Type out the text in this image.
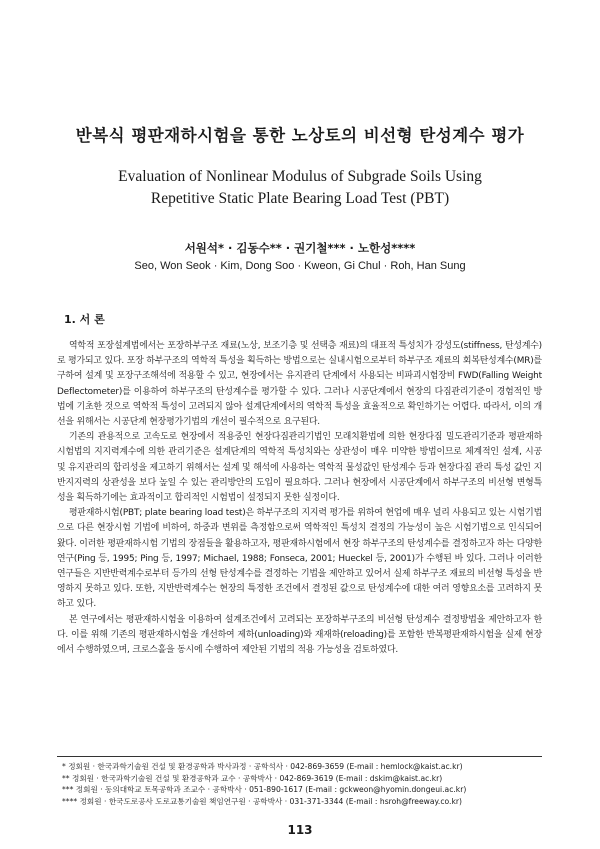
반복식 평판재하시험을 통한 노상토의 비선형 탄성계수 평가
Evaluation of Nonlinear Modulus of Subgrade Soils Using
Repetitive Static Plate Bearing Load Test (PBT)
서원석* · 김동수** · 권기철*** · 노한성****
Seo, Won Seok · Kim, Dong Soo · Kweon, Gi Chul · Roh, Han Sung
1. 서 론

역학적 포장설계법에서는 포장하부구조 재료(노상, 보조기층 및 선택층 재료)의 대표적 특성치가 강성도(stiffness, 탄성계수)로 평가되고 있다. 포장 하부구조의 역학적 특성을 획득하는 방법으로는 실내시험으로부터 하부구조 재료의 회복탄성계수(MR)를 구하여 설계 및 포장구조해석에 적용할 수 있고, 현장에서는 유지관리 단계에서 사용되는 비파괴시험장비 FWD(Falling Weight Deflectometer)를 이용하여 하부구조의 탄성계수를 평가할 수 있다. 그러나 시공단계에서 현장의 다짐관리기준이 경험적인 방법에 기초한 것으로 역학적 특성이 고려되지 않아 설계단계에서의 역학적 특성을 효율적으로 확인하기는 어렵다. 따라서, 이의 개선을 위해서는 시공단계 현장평가기법의 개선이 필수적으로 요구된다.

기존의 관용적으로 고속도로 현장에서 적용중인 현장다짐관리기법인 모래치환법에 의한 현장다짐 밀도관리기준과 평판재하시험법의 지지력계수에 의한 관리기준은 설계단계의 역학적 특성치와는 상관성이 매우 미약한 방법이므로 체계적인 설계, 시공 및 유지관리의 합리성을 제고하기 위해서는 설계 및 해석에 사용하는 역학적 물성값인 탄성계수 등과 현장다짐 관리 특성 값인 지반지지력의 상관성을 보다 높일 수 있는 관리방안의 도입이 필요하다. 그러나 현장에서 시공단계에서 하부구조의 비선형 변형특성을 획득하기에는 효과적이고 합리적인 시험법이 설정되지 못한 실정이다.

평판재하시험(PBT; plate bearing load test)은 하부구조의 지지력 평가를 위하여 현업에 매우 널리 사용되고 있는 시험기법으로 다른 현장시험 기법에 비하여, 하중과 변위를 측정함으로써 역학적인 특성치 결정의 가능성이 높은 시험기법으로 인식되어 왔다. 이러한 평판재하시험 기법의 장점들을 활용하고자, 평판재하시험에서 현장 하부구조의 탄성계수를 결정하고자 하는 다양한 연구(Ping 등, 1995; Ping 등, 1997; Michael, 1988; Fonseca, 2001; Hueckel 등, 2001)가 수행된 바 있다. 그러나 이러한 연구들은 지반반력계수로부터 등가의 선형 탄성계수를 결정하는 기법을 제안하고 있어서 실제 하부구조 재료의 비선형 특성을 반영하지 못하고 있다. 또한, 지반반력계수는 현장의 특정한 조건에서 결정된 값으로 탄성계수에 대한 여러 영향요소를 고려하지 못하고 있다.

본 연구에서는 평판재하시험을 이용하여 설계조건에서 고려되는 포장하부구조의 비선형 탄성계수 결정방법을 제안하고자 한다. 이를 위해 기존의 평판재하시험을 개선하여 제하(unloading)와 재재하(reloading)를 포함한 반복평판재하시험을 실제 현장에서 수행하였으며, 크로스홀을 동시에 수행하여 제안된 기법의 적용 가능성을 검토하였다.

* 정회원 · 한국과학기술원 건설 및 환경공학과 박사과정 · 공학석사 · 042-869-3659 (E-mail : hemlock@kaist.ac.kr)
** 정회원 · 한국과학기술원 건설 및 환경공학과 교수 · 공학박사 · 042-869-3619 (E-mail : dskim@kaist.ac.kr)
*** 정회원 · 동의대학교 토목공학과 조교수 · 공학박사 · 051-890-1617 (E-mail : gckweon@hyomin.dongeui.ac.kr)
**** 정회원 · 한국도로공사 도로교통기술원 책임연구원 · 공학박사 · 031-371-3344 (E-mail : hsroh@freeway.co.kr)
113
